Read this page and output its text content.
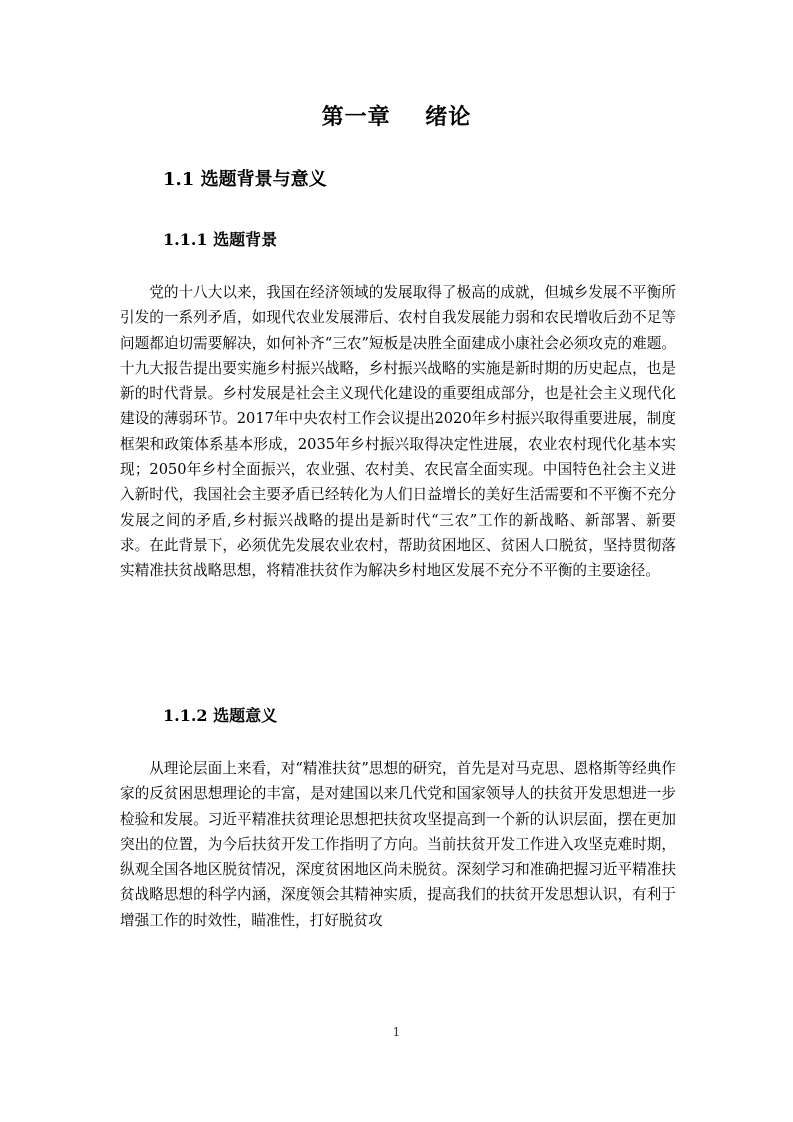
第一章    绪论
1.1 选题背景与意义
1.1.1 选题背景

党的十八大以来，我国在经济领域的发展取得了极高的成就，但城乡发展不平衡所引发的一系列矛盾，如现代农业发展滞后、农村自我发展能力弱和农民增收后劲不足等问题都迫切需要解决，如何补齐“三农”短板是决胜全面建成小康社会必须攻克的难题。十九大报告提出要实施乡村振兴战略，乡村振兴战略的实施是新时期的历史起点，也是新的时代背景。乡村发展是社会主义现代化建设的重要组成部分，也是社会主义现代化建设的薄弱环节。2017年中央农村工作会议提出2020年乡村振兴取得重要进展，制度框架和政策体系基本形成，2035年乡村振兴取得决定性进展，农业农村现代化基本实现；2050年乡村全面振兴，农业强、农村美、农民富全面实现。中国特色社会主义进入新时代，我国社会主要矛盾已经转化为人们日益增长的美好生活需要和不平衡不充分发展之间的矛盾,乡村振兴战略的提出是新时代“三农”工作的新战略、新部署、新要求。在此背景下，必须优先发展农业农村，帮助贫困地区、贫困人口脱贫，坚持贯彻落实精准扶贫战略思想，将精准扶贫作为解决乡村地区发展不充分不平衡的主要途径。

1.1.2 选题意义

从理论层面上来看，对“精准扶贫”思想的研究，首先是对马克思、恩格斯等经典作家的反贫困思想理论的丰富，是对建国以来几代党和国家领导人的扶贫开发思想进一步检验和发展。习近平精准扶贫理论思想把扶贫攻坚提高到一个新的认识层面，摆在更加突出的位置，为今后扶贫开发工作指明了方向。当前扶贫开发工作进入攻坚克难时期，纵观全国各地区脱贫情况，深度贫困地区尚未脱贫。深刻学习和准确把握习近平精准扶贫战略思想的科学内涵，深度领会其精神实质，提高我们的扶贫开发思想认识，有利于增强工作的时效性，瞄准性，打好脱贫攻

1
